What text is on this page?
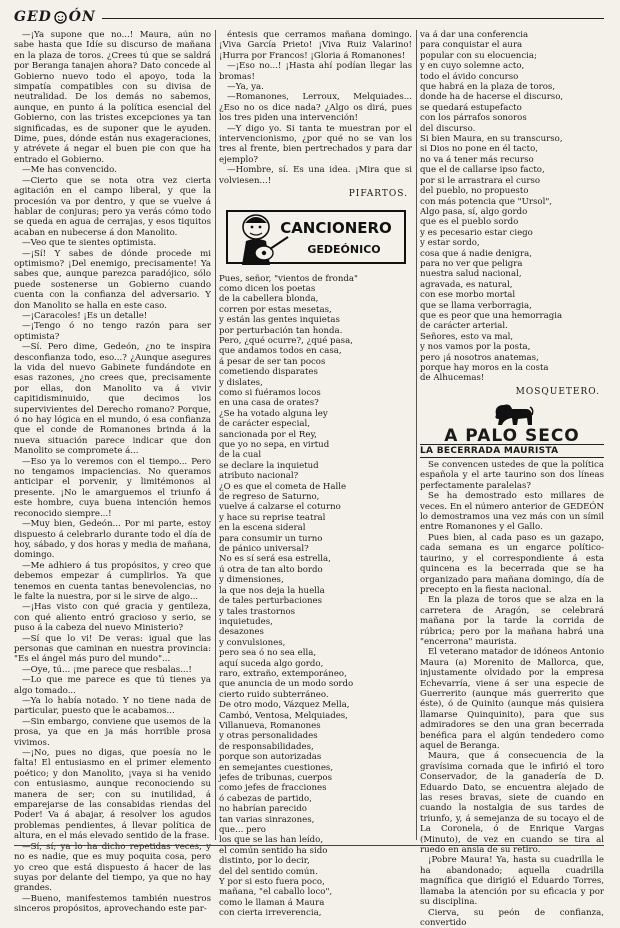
GED ÓN

—¡Ya supone que no...! Maura, aún no sabe hasta que Idíe su discurso de mañana en la plaza de toros. ¿Crees tú que se saldrá por Beranga tanajen ahora? Dato concede al Gobierno nuevo todo el apoyo, toda la simpatía compatibles con su divisa de neutralidad. De los demás no sabemos, aunque, en punto á la política esencial del Gobierno, con las tristes excepciones ya tan significadas, es de suponer que le ayuden. Dime, pues, dónde están nus exageraciones, y atrévete á negar el buen pie con que ha entrado el Gobierno.

—Me has convencido.

—Cierto que se nota otra vez cierta agitación en el campo liberal, y que la procesión va por dentro, y que se vuelve á hablar de conjuras; pero ya verás cómo todo se queda en agua de cerrajas, y esos tiquitos acaban en nubecerse á don Manolito.

—Veo que te sientes optimista.

—¡Sí! Y sabes de dónde procede mi optimismo? ¡Del enemigo, precisamente! Ya sabes que, aunque parezca paradójico, sólo puede sostenerse un Gobierno cuando cuenta con la confianza del adversario. Y don Manolito se halla en este caso.

—¡Caracoles! ¡Es un detalle!

—¡Tengo ó no tengo razón para ser optimista?

—Sí. Pero dime, Gedeón, ¿no te inspira desconfianza todo, eso...? ¿Aunque asegures la vida del nuevo Gabinete fundándote en esas razones, ¿no crees que, precisamente por ellas, don Manolito va á vivir capitidisminuido, que decimos los supervivientes del Derecho romano? Porque, ó no hay lógica en el mundo, ó esa confianza que el conde de Romanones brinda á la nueva situación parece indicar que don Manolito se compromete á...

—Eso ya lo veremos con el tiempo... Pero no tengamos impaciencias. No queramos anticipar el porvenir, y limitémonos al presente. ¡No le amarguemos el triunfo á este hombre, cuya buena intención hemos reconocido siempre...!

—Muy bien, Gedeón... Por mi parte, estoy dispuesto á celebrarlo durante todo el día de hoy, sábado, y dos horas y media de mañana, domingo.

—Me adhiero á tus propósitos, y creo que debemos empezar á cumplirlos. Ya que tenemos en cuenta tantas benevolencias, no le falte la nuestra, por si le sirve de algo...

—¡Has visto con qué gracia y gentileza, con qué aliento entró gracioso y serio, se puso á la cabeza del nuevo Ministerio?

—Sí que lo vi! De veras: igual que las personas que caminan en nuestra provincia: "Es el ángel más puro del mundo"...

—Oye, tú... ¡me parece que resbalas...!

—Lo que me parece es que tú tienes ya algo tomado...

—Ya lo había notado. Y no tiene nada de particular, puesto que le acabamos...

—Sin embargo, conviene que usemos de la prosa, ya que en ja más horrible prosa vivimos.

—¡No, pues no digas, que poesía no le falta! El entusiasmo en el primer elemento poético; y don Manolito, ¡vaya si ha venido con entusiasmo, aunque reconociendo su manera de ser; con su inutilidad, á emparejarse de las consabidas riendas del Poder! Va á abajar, á resolver los agudos problemas pendientes, á llevar política de altura, en el más elevado sentido de la frase.

—Sí, sí; ya lo ha dicho repetidas veces, y no es nadie, que es muy poquita cosa, pero yo creo que está dispuesto á hacer de las suyas por delante del tiempo, ya que no hay grandes.

—Bueno, manifestemos también nuestros sinceros propósitos, aprovechando este par-

éntesis que cerramos mañana domingo. ¡Viva García Prieto! ¡Viva Ruiz Valarino! ¡Hurra por Francos! ¡Gloria á Romanones!

—¡Eso no...! ¡Hasta ahí podían llegar las bromas!

—Ya, ya.

—Romanones, Lerroux, Melquiades... ¿Eso no os dice nada? ¿Algo os dirá, pues los tres piden una intervención!

—Y digo yo. Si tanta te muestran por el intervencionismo, ¿por qué no se van los tres al frente, bien pertrechados y para dar ejemplo?

—Hombre, sí. Es una idea. ¡Mira que si volviesen...!

PIFARTOS.
CANCIONERO
GEDEÓNICO

Pues, señor, "vientos de fronda"

como dicen los poetas

de la cabellera blonda,

corren por estas mesetas,

y están las gentes inquietas

por perturbación tan honda.

Pero, ¿qué ocurre?, ¿qué pasa,

que andamos todos en casa,

á pesar de ser tan pocos

cometiendo disparates

y dislates,

como si fuéramos locos

en una casa de orates?

¿Se ha votado alguna ley

de carácter especial,

sancionada por el Rey,

que yo no sepa, en virtud

de la cual

se declare la inquietud

atributo nacional?

¿O es que el cometa de Halle

de regreso de Saturno,

vuelve á calzarse el coturno

y hace su reprise teatral

en la escena sideral

para consumir un turno

de pánico universal?

No es sí será esa estrella,

ú otra de tan alto bordo

y dimensiones,

la que nos deja la huella

de tales perturbaciones

y tales trastornos

inquietudes,

desazones

y convulsiones,

pero sea ó no sea ella,

aquí suceda algo gordo,

raro, extraño, extemporáneo,

que anuncia de un modo sordo

cierto ruido subterráneo.

De otro modo, Vázquez Mella,

Cambó, Ventosa, Melquiades,

Villanueva, Romanones

y otras personalidades

de responsabilidades,

porque son autorizadas

en semejantes cuestiones,

jefes de tribunas, cuerpos

como jefes de fracciones

ó cabezas de partido,

no habrían parecido

tan varias sinrazones,

que... pero

los que se las han leído,

el común sentido ha sido

distinto, por lo decir,

del del sentido común.

Y por si esto fuera poco,

mañana, "el caballo loco",

como le llaman á Maura

con cierta irreverencia,

va á dar una conferencia

para conquistar el aura

popular con su elocuencia;

y en cuyo solemne acto,

todo el ávido concurso

que habrá en la plaza de toros,

donde ha de hacerse el discurso,

se quedará estupefacto

con los párrafos sonoros

del discurso.

Si bien Maura, en su transcurso,

si Dios no pone en él tacto,

no va á tener más recurso

que el de callarse ipso facto,

por si le arrastrara el curso

del pueblo, no propuesto

con más potencia que "Ursol",

Algo pasa, sí, algo gordo

que es el pueblo sordo

y es pecesario estar ciego

y estar sordo,

cosa que á nadie denigra,

para no ver que peligra

nuestra salud nacional,

agravada, es natural,

con ese morbo mortal

que se llama verborragia,

que es peor que una hemorragia

de carácter arterial.

Señores, esto va mal,

y nos vamos por la posta,

pero ¡á nosotros anatemas,

porque hay moros en la costa

de Alhucemas!

MOSQUETERO.
A PALO SECO
LA BECERRADA MAURISTA

Se convencen ustedes de que la política española y el arte taurino son dos líneas perfectamente paralelas?

Se ha demostrado esto millares de veces. En el número anterior de GEDEÓN lo demostramos una vez más con un símil entre Romanones y el Gallo.

Pues bien, al cada paso es un gazapo, cada semana es un engarce político-taurino, y el correspondiente á esta quincena es la becerrada que se ha organizado para mañana domingo, día de precepto en la fiesta nacional.

En la plaza de toros que se alza en la carretera de Aragón, se celebrará mañana por la tarde la corrida de rúbrica; pero por la mañana habrá una "encerrona" maurista.

El veterano matador de idóneos Antonio Maura (a) Morenito de Mallorca, que, injustamente olvidado por la empresa Echevarría, viene á ser una especie de Guerrerito (aunque más guerrerito que éste), ó de Quinito (aunque más quisiera llamarse Quinquinito), para que sus admiradores se den una gran becerrada benéfica para el algún tendedero como aquel de Beranga.

Maura, que á consecuencia de la gravísima cornada que le infirió el toro Conservador, de la ganadería de D. Eduardo Dato, se encuentra alejado de las reses bravas, siete de cuando en cuando la nostalgia de sus tardes de triunfo, y, á semejanza de su tocayo el de La Coronela, ó de Enrique Vargas (Minuto), de vez en cuando se tira al ruedo en ansia de su retiro.

¡Pobre Maura! Ya, hasta su cuadrilla le ha abandonado; aquella cuadrilla magnífica que dirigió el Eduardo Torres, llamaba la atención por su eficacia y por su disciplina.

Cierva, su peón de confianza, convertido
